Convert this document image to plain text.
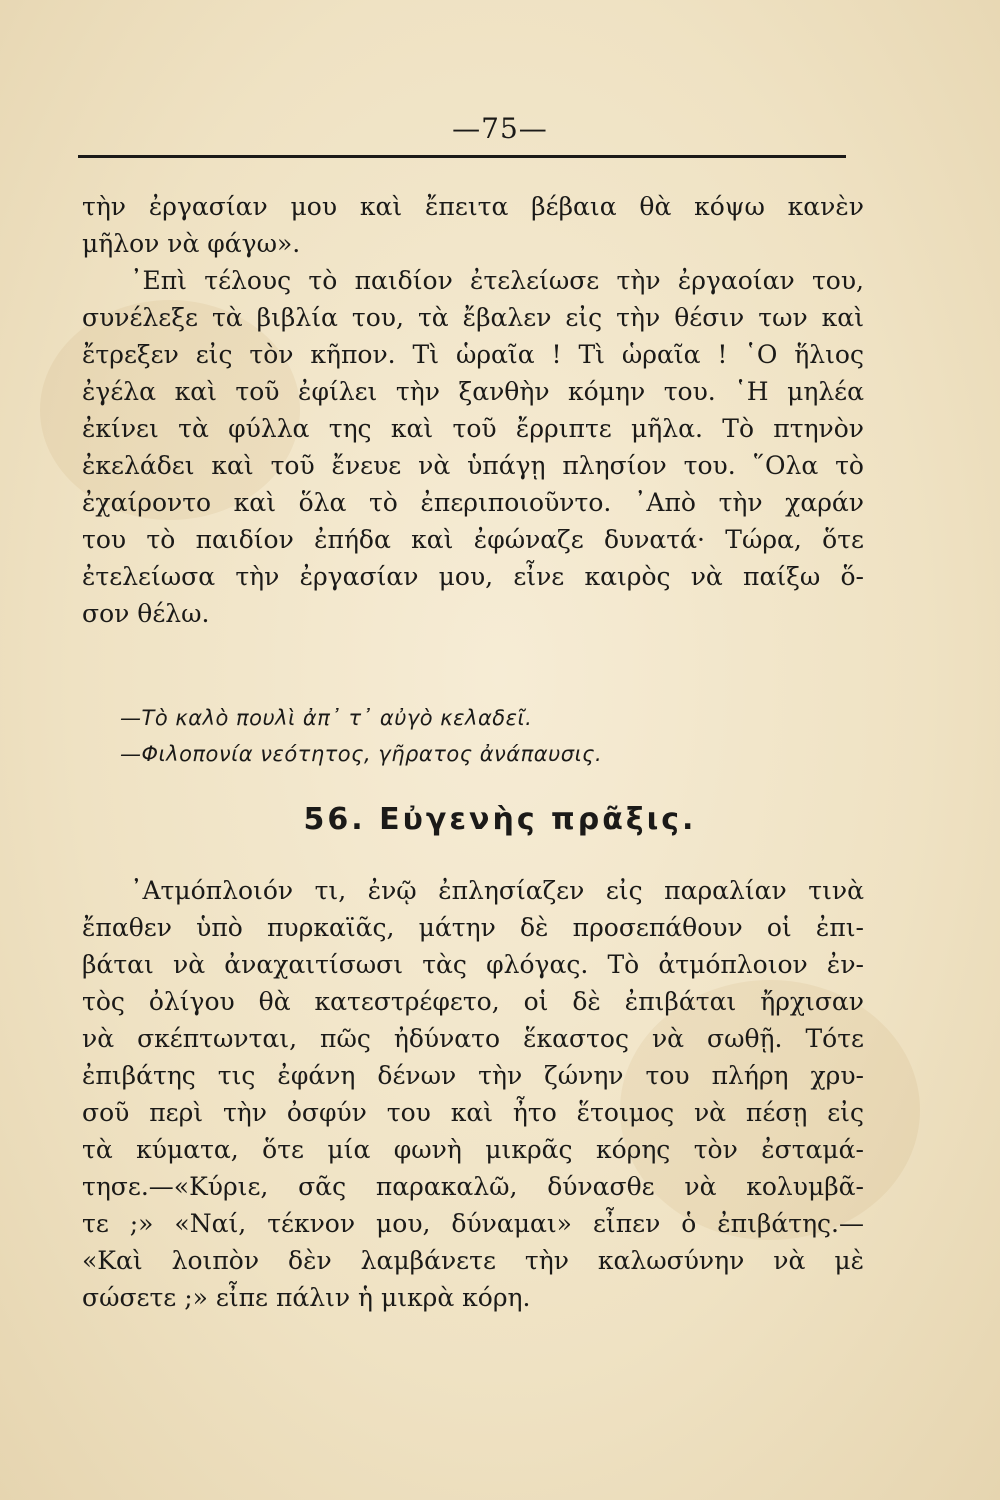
—75—
τὴν ἐργασίαν μου καὶ ἔπειτα βέβαια θὰ κόψω κανὲν
μῆλον νὰ φάγω».
᾿Επὶ τέλους τὸ παιδίον ἐτελείωσε τὴν ἐργαοίαν του,
συνέλεξε τὰ βιβλία του, τὰ ἔβαλεν εἰς τὴν θέσιν των καὶ
ἔτρεξεν εἰς τὸν κῆπον. Τὶ ὡραῖα ! Τὶ ὡραῖα ! ῾Ο ἥλιος
ἐγέλα καὶ τοῦ ἐφίλει τὴν ξανθὴν κόμην του. ῾Η μηλέα
ἐκίνει τὰ φύλλα της καὶ τοῦ ἔρριπτε μῆλα. Τὸ πτηνὸν
ἐκελάδει καὶ τοῦ ἔνευε νὰ ὑπάγῃ πλησίον του. ῞Ολα τὸ
ἐχαίροντο καὶ ὅλα τὸ ἐπεριποιοῦντο. ᾿Απὸ τὴν χαράν
του τὸ παιδίον ἐπήδα καὶ ἐφώναζε δυνατά· Τώρα, ὅτε
ἐτελείωσα τὴν ἐργασίαν μου, εἶνε καιρὸς νὰ παίξω ὅ-
σον θέλω.
—Τὸ καλὸ πουλὶ ἀπ᾿ τ᾿ αὐγὸ κελαδεῖ.
—Φιλοπονία νεότητος, γῆρατος ἀνάπαυσις.
56. Εὐγενὴς πρᾶξις.
᾿Ατμόπλοιόν τι, ἐνῷ ἐπλησίαζεν εἰς παραλίαν τινὰ
ἔπαθεν ὑπὸ πυρκαϊᾶς, μάτην δὲ προσεπάθουν οἱ ἐπι-
βάται νὰ ἀναχαιτίσωσι τὰς φλόγας. Τὸ ἀτμόπλοιον ἐν-
τὸς ὀλίγου θὰ κατεστρέφετο, οἱ δὲ ἐπιβάται ἤρχισαν
νὰ σκέπτωνται, πῶς ἠδύνατο ἕκαστος νὰ σωθῇ. Τότε
ἐπιβάτης τις ἐφάνη δένων τὴν ζώνην του πλήρη χρυ-
σοῦ περὶ τὴν ὀσφύν του καὶ ἦτο ἕτοιμος νὰ πέσῃ εἰς
τὰ κύματα, ὅτε μία φωνὴ μικρᾶς κόρης τὸν ἐσταμά-
τησε.—«Κύριε, σᾶς παρακαλῶ, δύνασθε νὰ κολυμβᾶ-
τε ;» «Ναί, τέκνον μου, δύναμαι» εἶπεν ὁ ἐπιβάτης.—
«Καὶ λοιπὸν δὲν λαμβάνετε τὴν καλωσύνην νὰ μὲ
σώσετε ;» εἶπε πάλιν ἡ μικρὰ κόρη.
